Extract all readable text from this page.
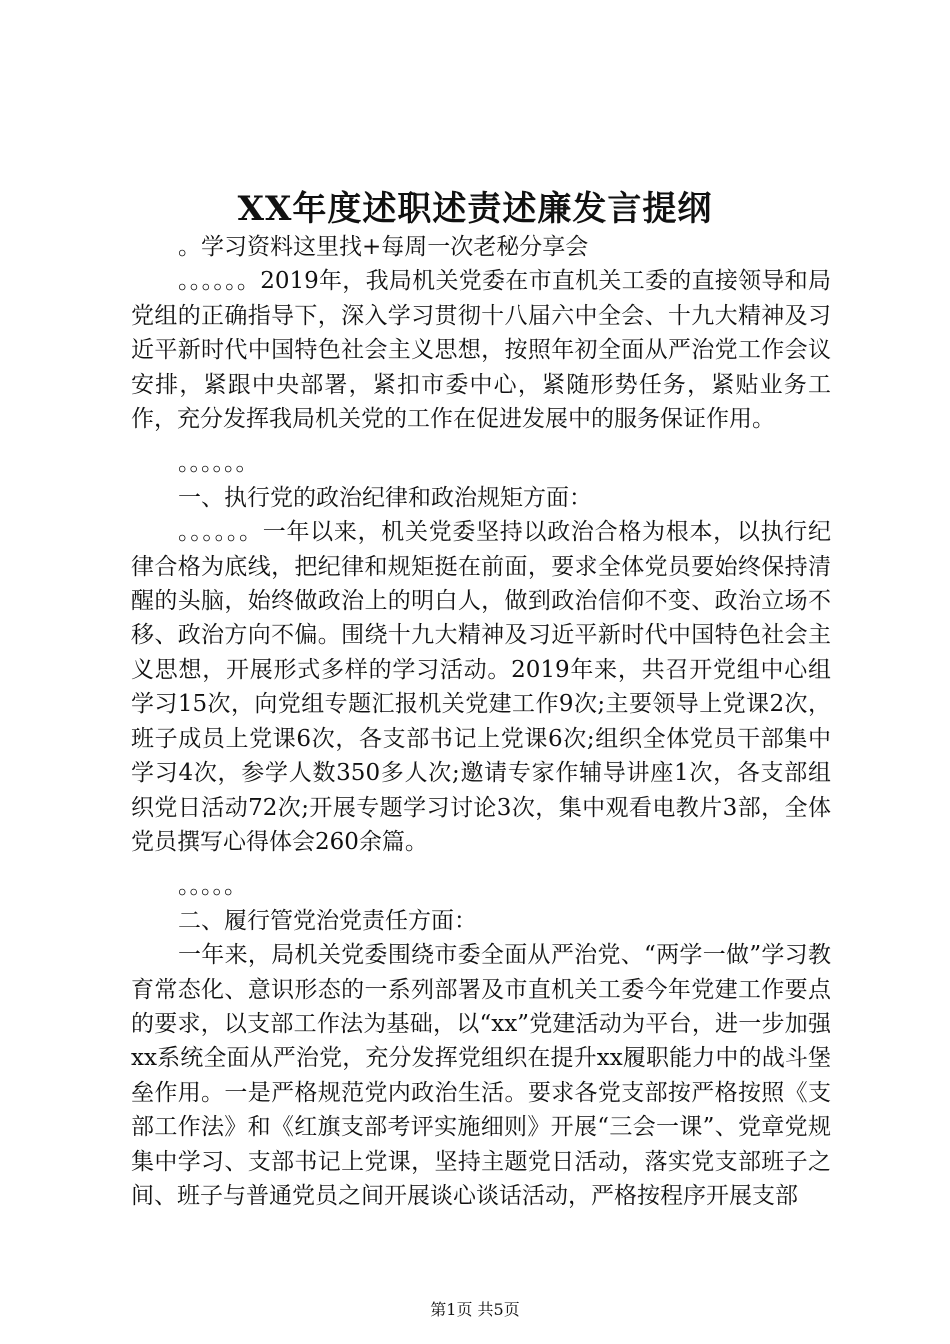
XX年度述职述责述廉发言提纲

。学习资料这里找+每周一次老秘分享会

。。。。。。2019年，我局机关党委在市直机关工委的直接领导和局党组的正确指导下，深入学习贯彻十八届六中全会、十九大精神及习近平新时代中国特色社会主义思想，按照年初全面从严治党工作会议安排，紧跟中央部署，紧扣市委中心，紧随形势任务，紧贴业务工作，充分发挥我局机关党的工作在促进发展中的服务保证作用。

。。。。。。

一、执行党的政治纪律和政治规矩方面：

。。。。。。一年以来，机关党委坚持以政治合格为根本，以执行纪律合格为底线，把纪律和规矩挺在前面，要求全体党员要始终保持清醒的头脑，始终做政治上的明白人，做到政治信仰不变、政治立场不移、政治方向不偏。围绕十九大精神及习近平新时代中国特色社会主义思想，开展形式多样的学习活动。2019年来，共召开党组中心组学习15次，向党组专题汇报机关党建工作9次;主要领导上党课2次，班子成员上党课6次，各支部书记上党课6次;组织全体党员干部集中学习4次，参学人数350多人次;邀请专家作辅导讲座1次，各支部组织党日活动72次;开展专题学习讨论3次，集中观看电教片3部，全体党员撰写心得体会260余篇。

。。。。。

二、履行管党治党责任方面：

一年来，局机关党委围绕市委全面从严治党、“两学一做”学习教育常态化、意识形态的一系列部署及市直机关工委今年党建工作要点的要求，以支部工作法为基础，以“xx”党建活动为平台，进一步加强xx系统全面从严治党，充分发挥党组织在提升xx履职能力中的战斗堡垒作用。一是严格规范党内政治生活。要求各党支部按严格按照《支部工作法》和《红旗支部考评实施细则》开展“三会一课”、党章党规集中学习、支部书记上党课，坚持主题党日活动，落实党支部班子之间、班子与普通党员之间开展谈心谈话活动，严格按程序开展支部

第1页 共5页
